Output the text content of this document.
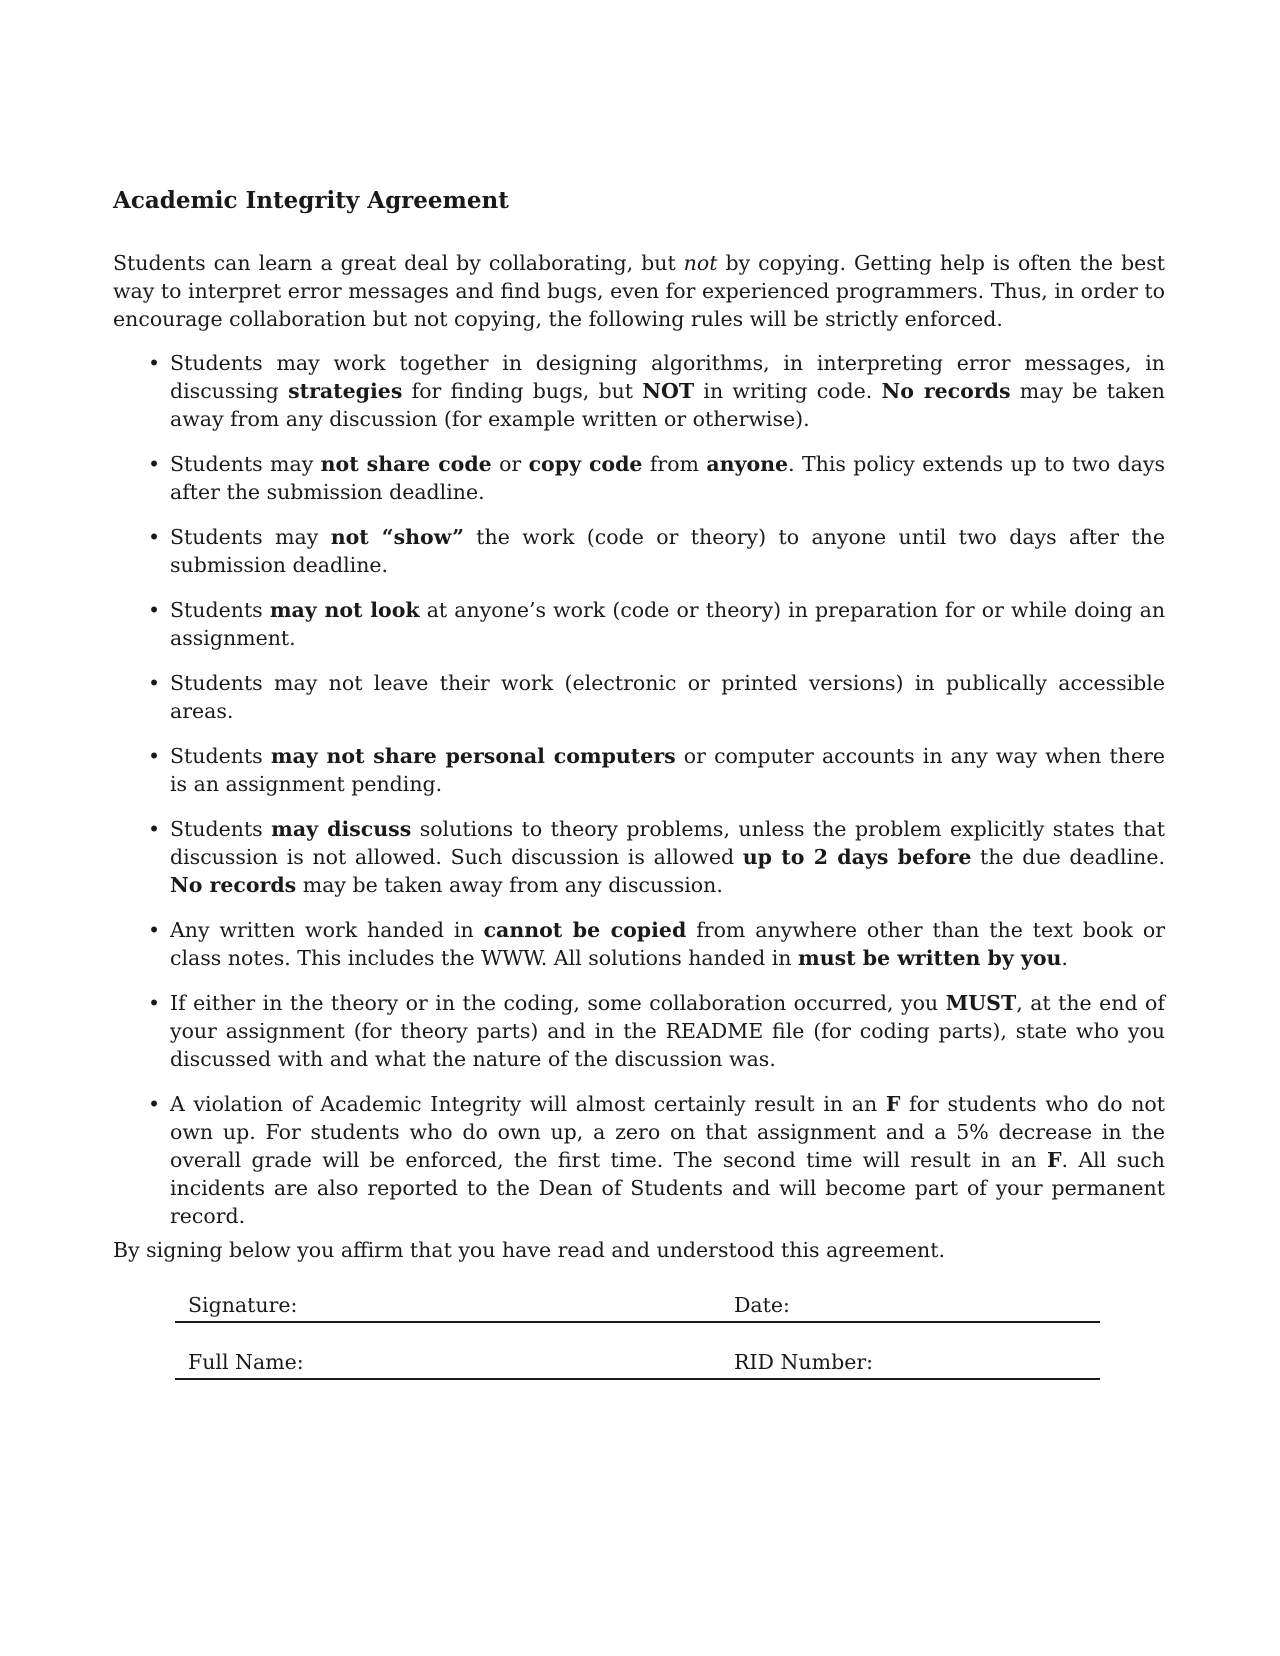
Academic Integrity Agreement

Students can learn a great deal by collaborating, but not by copying. Getting help is often the best way to interpret error messages and find bugs, even for experienced programmers. Thus, in order to encourage collaboration but not copying, the following rules will be strictly enforced.

• Students may work together in designing algorithms, in interpreting error messages, in discussing strategies for finding bugs, but NOT in writing code. No records may be taken away from any discussion (for example written or otherwise).
• Students may not share code or copy code from anyone. This policy extends up to two days after the submission deadline.
• Students may not “show” the work (code or theory) to anyone until two days after the submission deadline.
• Students may not look at anyone’s work (code or theory) in preparation for or while doing an assignment.
• Students may not leave their work (electronic or printed versions) in publically accessible areas.
• Students may not share personal computers or computer accounts in any way when there is an assignment pending.
• Students may discuss solutions to theory problems, unless the problem explicitly states that discussion is not allowed. Such discussion is allowed up to 2 days before the due deadline. No records may be taken away from any discussion.
• Any written work handed in cannot be copied from anywhere other than the text book or class notes. This includes the WWW. All solutions handed in must be written by you.
• If either in the theory or in the coding, some collaboration occurred, you MUST, at the end of your assignment (for theory parts) and in the README file (for coding parts), state who you discussed with and what the nature of the discussion was.
• A violation of Academic Integrity will almost certainly result in an F for students who do not own up. For students who do own up, a zero on that assignment and a 5% decrease in the overall grade will be enforced, the first time. The second time will result in an F. All such incidents are also reported to the Dean of Students and will become part of your permanent record.

By signing below you affirm that you have read and understood this agreement.

Signature:	Date:
Full Name:	RID Number:
